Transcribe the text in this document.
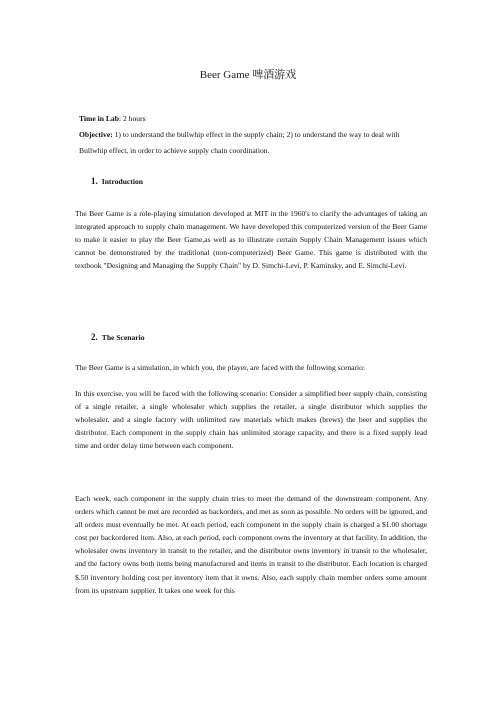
Beer Game 啤酒游戏
Time in Lab: 2 hours
Objective: 1) to understand the bullwhip effect in the supply chain; 2) to understand the way to deal with Bullwhip effect, in order to achieve supply chain coordination.
1. Introduction
The Beer Game is a role-playing simulation developed at MIT in the 1960's to clarify the advantages of taking an integrated approach to supply chain management. We have developed this computerized version of the Beer Game to make it easier to play the Beer Game,as well as to illustrate certain Supply Chain Management issues which cannot be demonstrated by the traditional (non-computerized) Beer Game. This game is distributed with the textbook "Designing and Managing the Supply Chain" by D. Simchi-Levi, P. Kaminsky, and E. Simchi-Levi.
2. The Scenario
The Beer Game is a simulation, in which you, the player, are faced with the following scenario:
In this exercise, you will be faced with the following scenario: Consider a simplified beer supply chain, consisting of a single retailer, a single wholesaler which supplies the retailer, a single distributor which supplies the wholesaler, and a single factory with unlimited raw materials which makes (brews) the beer and supplies the distributor. Each component in the supply chain has unlimited storage capacity, and there is a fixed supply lead time and order delay time between each component.
Each week, each component in the supply chain tries to meet the demand of the downstream component. Any orders which cannot be met are recorded as backorders, and met as soon as possible. No orders will be ignored, and all orders must eventually be met. At each period, each component in the supply chain is charged a $1.00 shortage cost per backordered item. Also, at each period, each component owns the inventory at that facility. In addition, the wholesaler owns inventory in transit to the retailer, and the distributor owns inventory in transit to the wholesaler, and the factory owns both items being manufactured and items in transit to the distributor. Each location is charged $.50 inventory holding cost per inventory item that it owns. Also, each supply chain member orders some amount from its upstream supplier. It takes one week for this
